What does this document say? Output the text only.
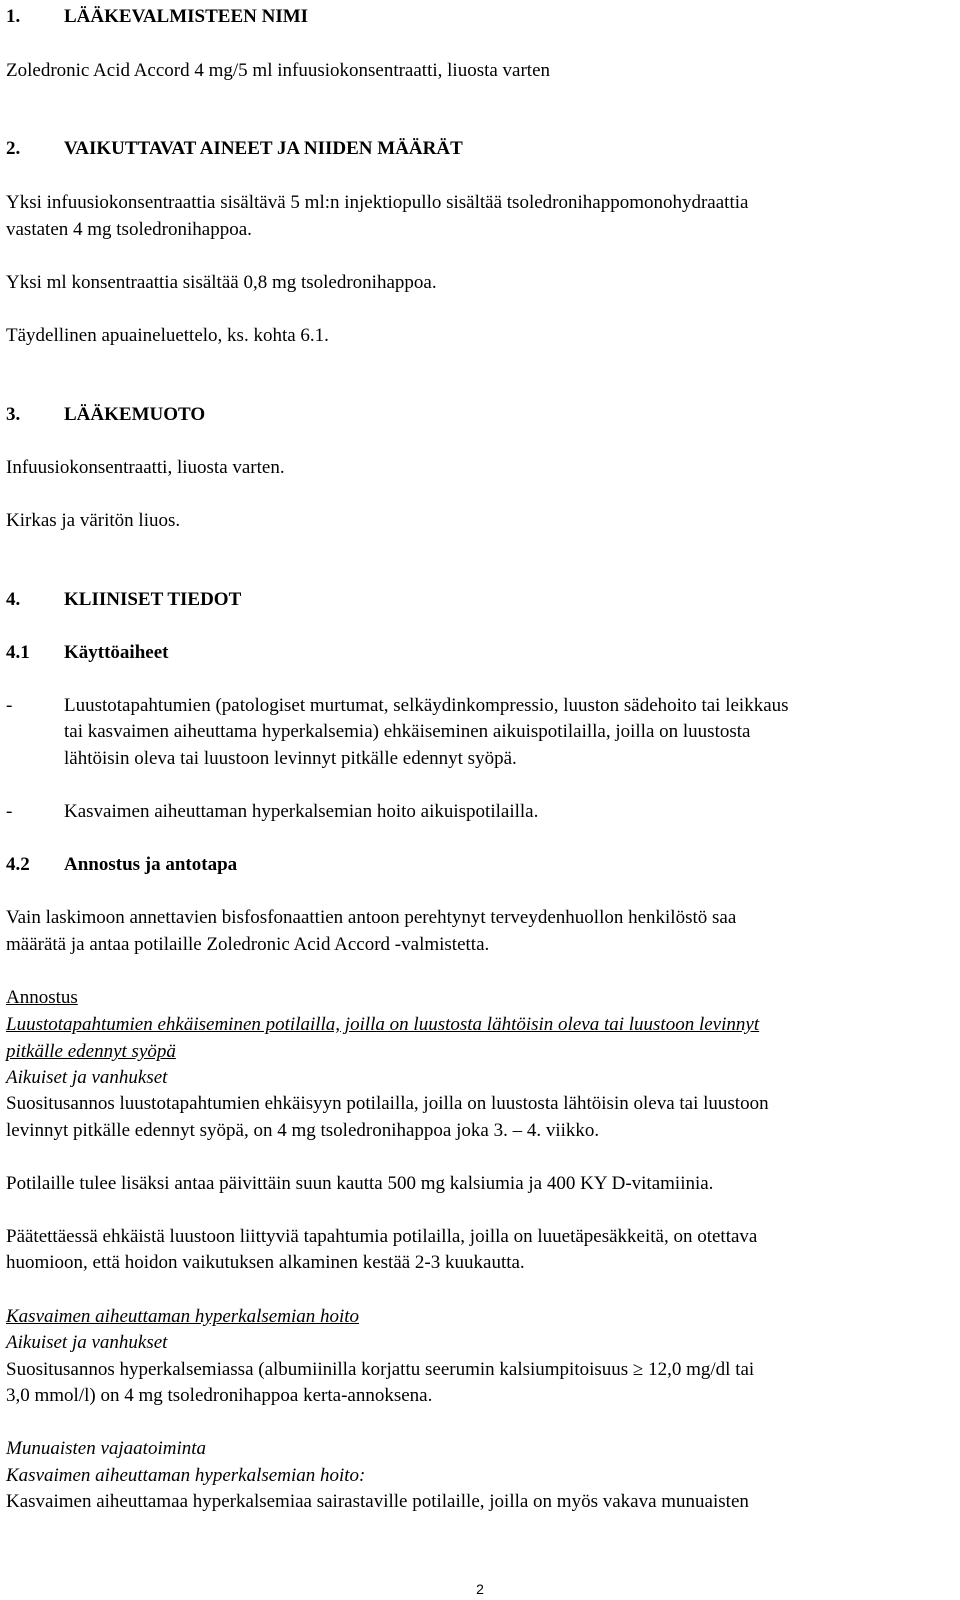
1. LÄÄKEVALMISTEEN NIMI
Zoledronic Acid Accord 4 mg/5 ml infuusiokonsentraatti, liuosta varten
2. VAIKUTTAVAT AINEET JA NIIDEN MÄÄRÄT
Yksi infuusiokonsentraattia sisältävä 5 ml:n injektiopullo sisältää tsoledronihappomonohydraattia
vastaten 4 mg tsoledronihappoa.
Yksi ml konsentraattia sisältää 0,8 mg tsoledronihappoa.
Täydellinen apuaineluettelo, ks. kohta 6.1.
3. LÄÄKEMUOTO
Infuusiokonsentraatti, liuosta varten.
Kirkas ja väritön liuos.
4. KLIINISET TIEDOT
4.1 Käyttöaiheet
-	Luustotapahtumien (patologiset murtumat, selkäydinkompressio, luuston sädehoito tai leikkaus
tai kasvaimen aiheuttama hyperkalsemia) ehkäiseminen aikuispotilailla, joilla on luustosta
lähtöisin oleva tai luustoon levinnyt pitkälle edennyt syöpä.
-	Kasvaimen aiheuttaman hyperkalsemian hoito aikuispotilailla.
4.2 Annostus ja antotapa
Vain laskimoon annettavien bisfosfonaattien antoon perehtynyt terveydenhuollon henkilöstö saa
määrätä ja antaa potilaille Zoledronic Acid Accord -valmistetta.
Annostus
Luustotapahtumien ehkäiseminen potilailla, joilla on luustosta lähtöisin oleva tai luustoon levinnyt
pitkälle edennyt syöpä
Aikuiset ja vanhukset
Suositusannos luustotapahtumien ehkäisyyn potilailla, joilla on luustosta lähtöisin oleva tai luustoon
levinnyt pitkälle edennyt syöpä, on 4 mg tsoledronihappoa joka 3. – 4. viikko.
Potilaille tulee lisäksi antaa päivittäin suun kautta 500 mg kalsiumia ja 400 KY D-vitamiinia.
Päätettäessä ehkäistä luustoon liittyviä tapahtumia potilailla, joilla on luuetäpesäkkeitä, on otettava
huomioon, että hoidon vaikutuksen alkaminen kestää 2-3 kuukautta.
Kasvaimen aiheuttaman hyperkalsemian hoito
Aikuiset ja vanhukset
Suositusannos hyperkalsemiassa (albumiinilla korjattu seerumin kalsiumpitoisuus ≥ 12,0 mg/dl tai
3,0 mmol/l) on 4 mg tsoledronihappoa kerta-annoksena.
Munuaisten vajaatoiminta
Kasvaimen aiheuttaman hyperkalsemian hoito:
Kasvaimen aiheuttamaa hyperkalsemiaa sairastaville potilaille, joilla on myös vakava munuaisten
2
